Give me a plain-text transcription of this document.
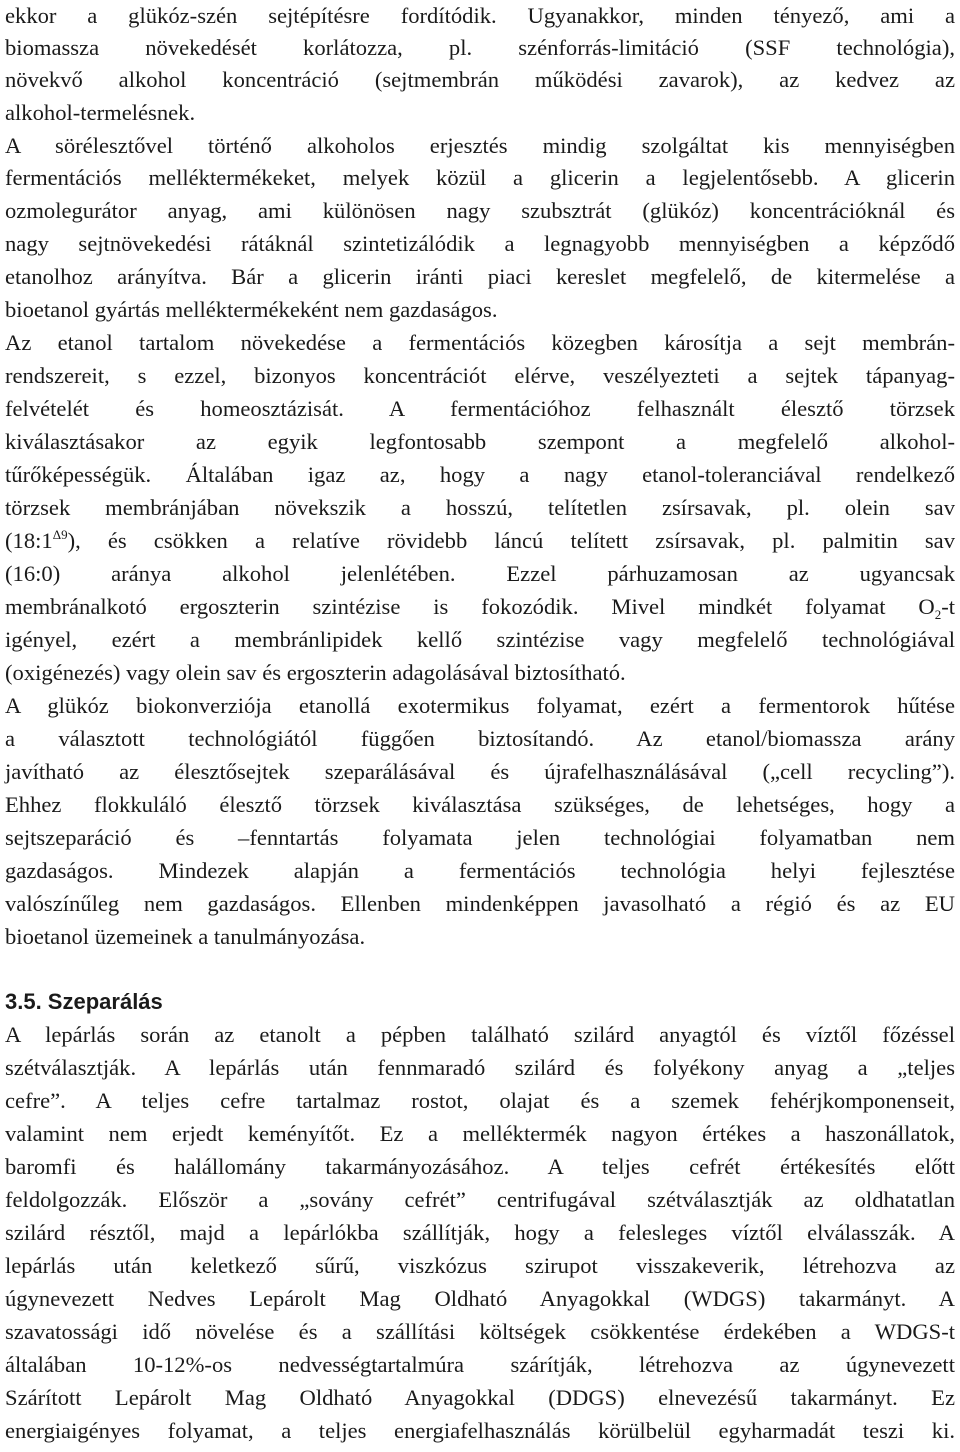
ekkor a glükóz-szén sejtépítésre fordítódik. Ugyanakkor, minden tényező, ami a
biomassza növekedését korlátozza, pl. szénforrás-limitáció (SSF technológia),
növekvő alkohol koncentráció (sejtmembrán működési zavarok), az kedvez az
alkohol-termelésnek.
A sörélesztővel történő alkoholos erjesztés mindig szolgáltat kis mennyiségben
fermentációs melléktermékeket, melyek közül a glicerin a legjelentősebb. A glicerin
ozmolegurátor anyag, ami különösen nagy szubsztrát (glükóz) koncentrációknál és
nagy sejtnövekedési rátáknál szintetizálódik a legnagyobb mennyiségben a képződő
etanolhoz arányítva. Bár a glicerin iránti piaci kereslet megfelelő, de kitermelése a
bioetanol gyártás melléktermékeként nem gazdaságos.
Az etanol tartalom növekedése a fermentációs közegben károsítja a sejt membrán-
rendszereit, s ezzel, bizonyos koncentrációt elérve, veszélyezteti a sejtek tápanyag-
felvételét és homeosztázisát. A fermentációhoz felhasznált élesztő törzsek
kiválasztásakor az egyik legfontosabb szempont a megfelelő alkohol-
tűrőképességük. Általában igaz az, hogy a nagy etanol-toleranciával rendelkező
törzsek membránjában növekszik a hosszú, telítetlen zsírsavak, pl. olein sav
$(18:1^{\Delta 9})$, és csökken a relatíve rövidebb láncú telített zsírsavak, pl. palmitin sav
(16:0) aránya alkohol jelenlétében. Ezzel párhuzamosan az ugyancsak
membránalkotó ergoszterin szintézise is fokozódik. Mivel mindkét folyamat $O_2-t$
igényel, ezért a membránlipidek kellő szintézise vagy megfelelő technológiával
(oxigénezés) vagy olein sav és ergoszterin adagolásával biztosítható.
A glükóz biokonverziója etanollá exotermikus folyamat, ezért a fermentorok hűtése
a választott technológiától függően biztosítandó. Az etanol/biomassza arány
javítható az élesztősejtek szeparálásával és újrafelhasználásával („cell recycling”).
Ehhez flokkuláló élesztő törzsek kiválasztása szükséges, de lehetséges, hogy a
sejtszeparáció és –fenntartás folyamata jelen technológiai folyamatban nem
gazdaságos. Mindezek alapján a fermentációs technológia helyi fejlesztése
valószínűleg nem gazdaságos. Ellenben mindenképpen javasolható a régió és az EU
bioetanol üzemeinek a tanulmányozása.
3.5. Szeparálás
A lepárlás során az etanolt a pépben található szilárd anyagtól és víztől főzéssel
szétválasztják. A lepárlás után fennmaradó szilárd és folyékony anyag a „teljes
cefre”. A teljes cefre tartalmaz rostot, olajat és a szemek fehérjkomponenseit,
valamint nem erjedt keményítőt. Ez a melléktermék nagyon értékes a haszonállatok,
baromfi és halállomány takarmányozásához. A teljes cefrét értékesítés előtt
feldolgozzák. Először a „sovány cefrét” centrifugával szétválasztják az oldhatatlan
szilárd résztől, majd a lepárlókba szállítják, hogy a felesleges víztől elválasszák. A
lepárlás után keletkező sűrű, viszkózus szirupot visszakeverik, létrehozva az
úgynevezett Nedves Lepárolt Mag Oldható Anyagokkal (WDGS) takarmányt. A
szavatossági idő növelése és a szállítási költségek csökkentése érdekében a WDGS-t
általában 10-12%-os nedvességtartalmúra szárítják, létrehozva az úgynevezett
Szárított Lepárolt Mag Oldható Anyagokkal (DDGS) elnevezésű takarmányt. Ez
energiaigényes folyamat, a teljes energiafelhasználás körülbelül egyharmadát teszi ki.
